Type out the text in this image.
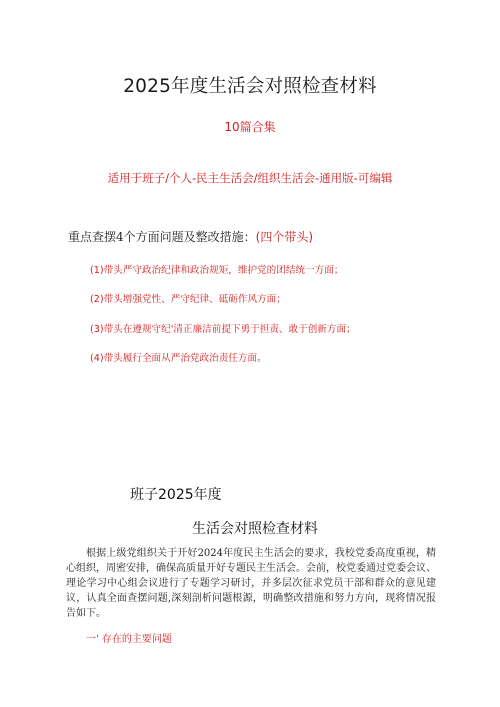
2025年度生活会对照检查材料
10篇合集
适用于班子/个人-民主生活会/组织生活会-通用版-可编辑
重点查摆4个方面问题及整改措施：(四个带头)
(1)带头严守政治纪律和政治规矩，维护党的团结统一方面；
(2)带头增强党性、严守纪律、砥砺作风方面；
(3)带头在遵规守纪'清正廉洁前提下勇于担责、敢于创新方面；
(4)带头履行全面从严治党政治责任方面。
班子2025年度
生活会对照检查材料
根据上级党组织关于开好2024年度民主生活会的要求，我校党委高度重视，精心组织，周密安排，确保高质量开好专题民主生活会。会前，校党委通过党委会议、理论学习中心组会议进行了专题学习研讨，并多层次征求党员干部和群众的意见建议，认真全面查摆问题,深刻剖析问题根源，明确整改措施和努力方向，现将情况报告如下。
一' 存在的主要问题
